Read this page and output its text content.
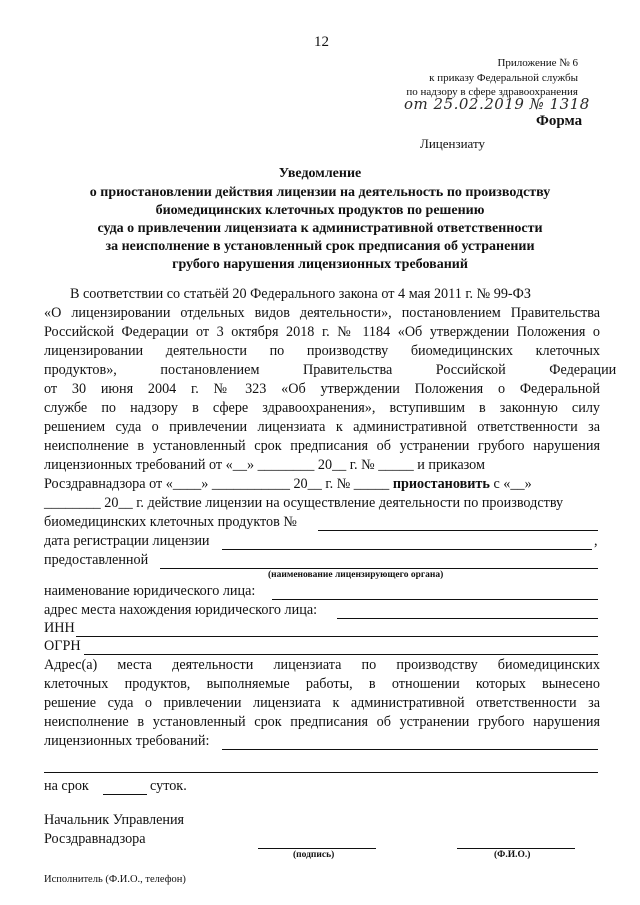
12
Приложение № 6
к приказу Федеральной службы
по надзору в сфере здравоохранения
от 25.02.2019 № 1318
Форма
Лицензиату
Уведомление
о приостановлении действия лицензии на деятельность по производству
биомедицинских клеточных продуктов по решению
суда о привлечении лицензиата к административной ответственности
за неисполнение в установленный срок предписания об устранении
грубого нарушения лицензионных требований
В соответствии со статьёй 20 Федерального закона от 4 мая 2011 г. № 99-ФЗ
«О лицензировании отдельных видов деятельности», постановлением Правительства
Российской Федерации от 3 октября 2018 г. № 1184 «Об утверждении Положения о
лицензировании деятельности по производству биомедицинских клеточных
продуктов», постановлением Правительства Российской Федерации
от 30 июня 2004 г. № 323 «Об утверждении Положения о Федеральной
службе по надзору в сфере здравоохранения», вступившим в законную силу
решением суда о привлечении лицензиата к административной ответственности за
неисполнение в установленный срок предписания об устранении грубого нарушения
лицензионных требований от «__» ________ 20__ г. № _____ и приказом
Росздравнадзора от «____» ___________ 20__ г. № _____ приостановить с «__»
________ 20__ г. действие лицензии на осуществление деятельности по производству
биомедицинских клеточных продуктов №
дата регистрации лицензии	,
предоставленной
(наименование лицензирующего органа)
наименование юридического лица:
адрес места нахождения юридического лица:
ИНН
ОГРН
Адрес(а) места деятельности лицензиата по производству биомедицинских
клеточных продуктов, выполняемые работы, в отношении которых вынесено
решение суда о привлечении лицензиата к административной ответственности за
неисполнение в установленный срок предписания об устранении грубого нарушения
лицензионных требований:
на срок	суток.
Начальник Управления
Росздравнадзора
(подпись)	(Ф.И.О.)
Исполнитель (Ф.И.О., телефон)
